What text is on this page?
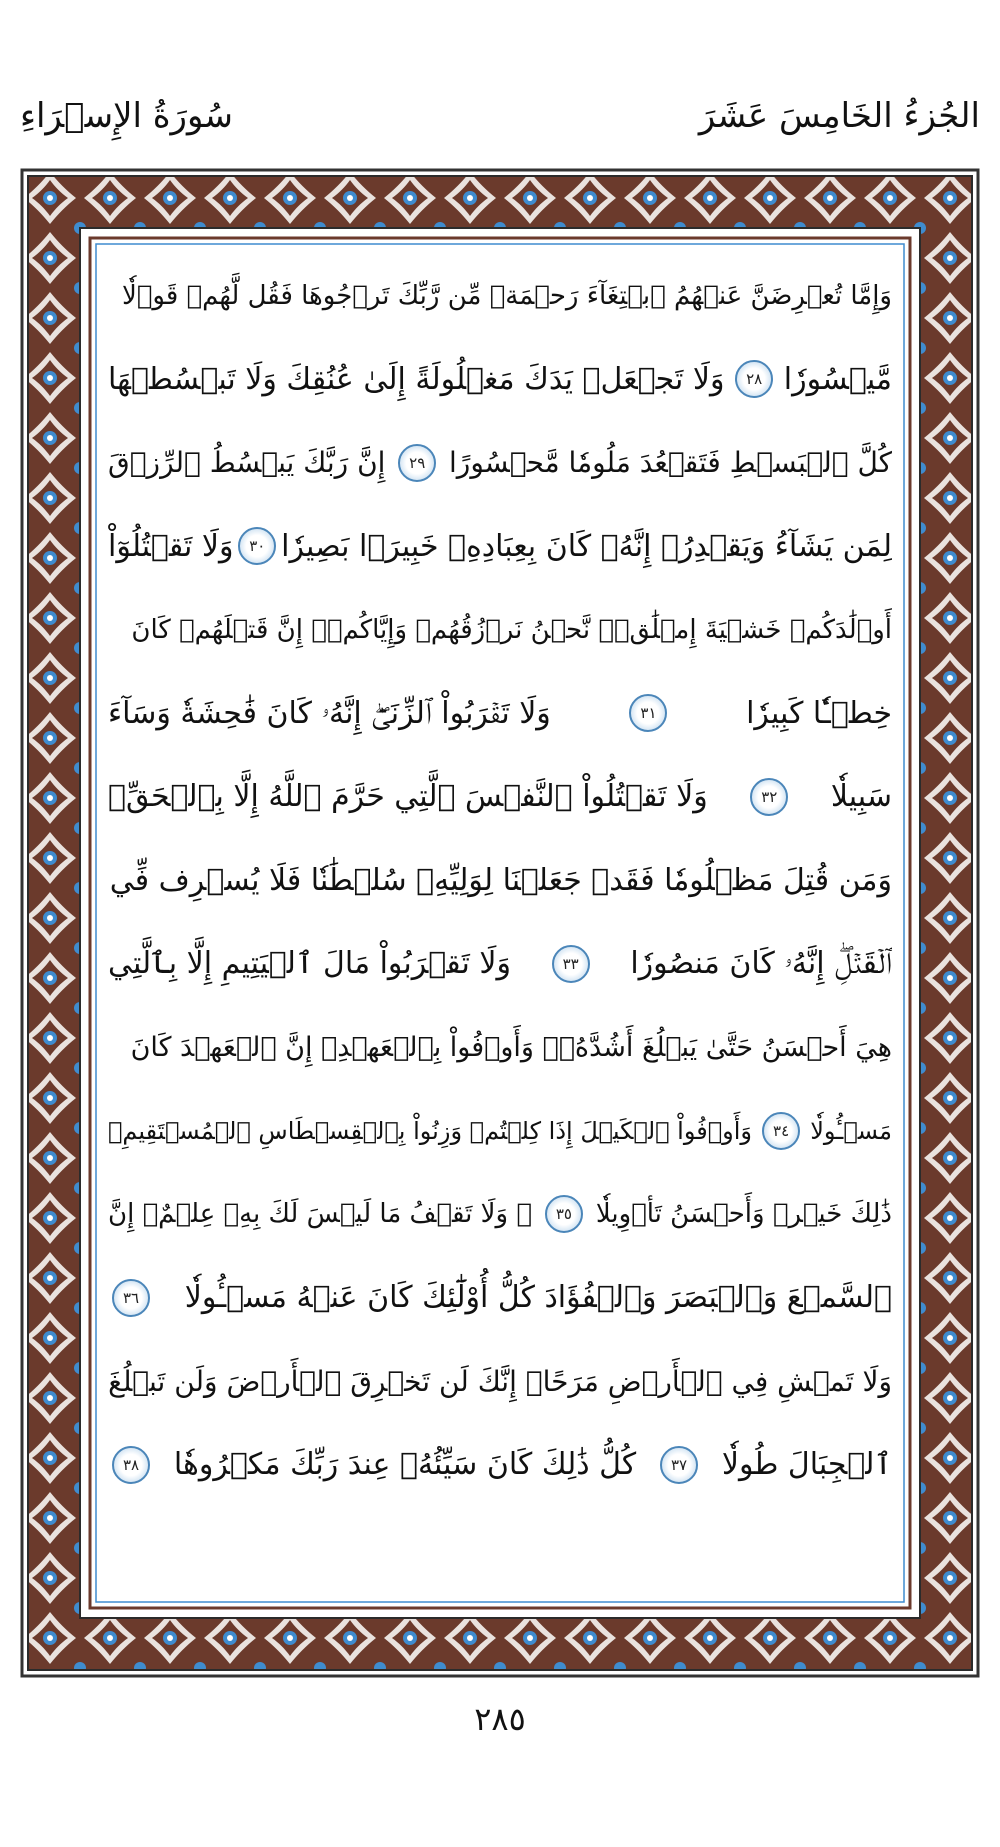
الجُزءُ الخَامِسَ عَشَرَ
سُورَةُ الإِسۡرَاءِ
وَإِمَّا تُعۡرِضَنَّ عَنۡهُمُ ٱبۡتِغَآءَ رَحۡمَةٖ مِّن رَّبِّكَ تَرۡجُوهَا فَقُل لَّهُمۡ قَوۡلٗا
مَّيۡسُورٗا
٢٨
وَلَا تَجۡعَلۡ يَدَكَ مَغۡلُولَةً إِلَىٰ عُنُقِكَ وَلَا تَبۡسُطۡهَا
كُلَّ ٱلۡبَسۡطِ فَتَقۡعُدَ مَلُومٗا مَّحۡسُورًا
٢٩
إِنَّ رَبَّكَ يَبۡسُطُ ٱلرِّزۡقَ
لِمَن يَشَآءُ وَيَقۡدِرُۚ إِنَّهُۥ كَانَ بِعِبَادِهِۦ خَبِيرَۢا بَصِيرٗا
٣٠
وَلَا تَقۡتُلُوٓاْ
أَوۡلَٰدَكُمۡ خَشۡيَةَ إِمۡلَٰقٖۖ نَّحۡنُ نَرۡزُقُهُمۡ وَإِيَّاكُمۡۚ إِنَّ قَتۡلَهُمۡ كَانَ
خِطۡـٔٗا كَبِيرٗا
٣١
وَلَا تَقۡرَبُواْ ٱلزِّنَىٰٓۖ إِنَّهُۥ كَانَ فَٰحِشَةٗ وَسَآءَ
سَبِيلٗا
٣٢
وَلَا تَقۡتُلُواْ ٱلنَّفۡسَ ٱلَّتِي حَرَّمَ ٱللَّهُ إِلَّا بِٱلۡحَقِّۗ
وَمَن قُتِلَ مَظۡلُومٗا فَقَدۡ جَعَلۡنَا لِوَلِيِّهِۦ سُلۡطَٰنٗا فَلَا يُسۡرِف فِّي
ٱلۡقَتۡلِۖ إِنَّهُۥ كَانَ مَنصُورٗا
٣٣
وَلَا تَقۡرَبُواْ مَالَ ٱلۡيَتِيمِ إِلَّا بِٱلَّتِي
هِيَ أَحۡسَنُ حَتَّىٰ يَبۡلُغَ أَشُدَّهُۥۚ وَأَوۡفُواْ بِٱلۡعَهۡدِۖ إِنَّ ٱلۡعَهۡدَ كَانَ
مَسۡـُٔولٗا
٣٤
وَأَوۡفُواْ ٱلۡكَيۡلَ إِذَا كِلۡتُمۡ وَزِنُواْ بِٱلۡقِسۡطَاسِ ٱلۡمُسۡتَقِيمِۚ
ذَٰلِكَ خَيۡرٞ وَأَحۡسَنُ تَأۡوِيلٗا
٣٥
۞ وَلَا تَقۡفُ مَا لَيۡسَ لَكَ بِهِۦ عِلۡمٌۚ إِنَّ
ٱلسَّمۡعَ وَٱلۡبَصَرَ وَٱلۡفُؤَادَ كُلُّ أُوْلَٰٓئِكَ كَانَ عَنۡهُ مَسۡـُٔولٗا
٣٦
وَلَا تَمۡشِ فِي ٱلۡأَرۡضِ مَرَحًاۖ إِنَّكَ لَن تَخۡرِقَ ٱلۡأَرۡضَ وَلَن تَبۡلُغَ
ٱلۡجِبَالَ طُولٗا
٣٧
كُلُّ ذَٰلِكَ كَانَ سَيِّئُهُۥ عِندَ رَبِّكَ مَكۡرُوهٗا
٣٨
٢٨٥
